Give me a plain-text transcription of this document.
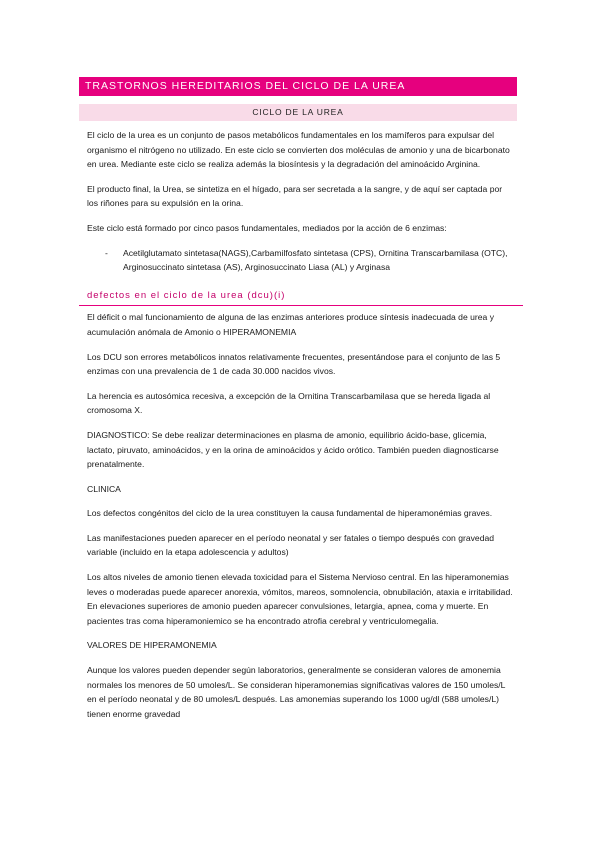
TRASTORNOS HEREDITARIOS DEL CICLO DE LA UREA
CICLO DE LA UREA

El ciclo de la urea es un conjunto de pasos metabólicos fundamentales en los mamíferos para expulsar del organismo el nitrógeno no utilizado. En este ciclo se convierten dos moléculas de amonio y una de bicarbonato en urea. Mediante este ciclo se realiza además la biosíntesis y la degradación del aminoácido Arginina.

El producto final, la Urea, se sintetiza en el hígado, para ser secretada a la sangre, y de aquí ser captada por los riñones para su expulsión en la orina.

Este ciclo está formado por cinco pasos fundamentales, mediados por la acción de 6 enzimas:

-	Acetilglutamato sintetasa(NAGS),Carbamilfosfato sintetasa (CPS), Ornitina Transcarbamilasa (OTC), Arginosuccinato sintetasa (AS), Arginosuccinato Liasa (AL) y Arginasa
defectos en el ciclo de la urea (dcu)(i)

El déficit o mal funcionamiento de alguna de las enzimas anteriores produce síntesis inadecuada de urea y acumulación anómala de Amonio o HIPERAMONEMIA

Los DCU son errores metabólicos innatos relativamente frecuentes, presentándose para el conjunto de las 5 enzimas con una prevalencia de 1 de cada 30.000 nacidos vivos.

La herencia es autosómica recesiva, a excepción de la Ornitina Transcarbamilasa que se hereda ligada al cromosoma X.

DIAGNOSTICO: Se debe realizar determinaciones en plasma de amonio, equilibrio ácido-base, glicemia, lactato, piruvato, aminoácidos, y en la orina de aminoácidos y ácido orótico. También pueden diagnosticarse prenatalmente.

CLINICA

Los defectos congénitos del ciclo de la urea constituyen la causa fundamental de hiperamonémias graves.

Las manifestaciones pueden aparecer en el período neonatal y ser fatales o tiempo después con gravedad variable (incluido en la etapa adolescencia y adultos)

Los altos niveles de amonio tienen elevada toxicidad para el Sistema Nervioso central. En las hiperamonemias leves o moderadas puede aparecer anorexia, vómitos, mareos, somnolencia, obnubilación, ataxia e irritabilidad. En elevaciones superiores de amonio pueden aparecer convulsiones, letargia, apnea, coma y muerte. En pacientes tras coma hiperamoniemico se ha encontrado atrofia cerebral y ventriculomegalia.

VALORES DE HIPERAMONEMIA

Aunque los valores pueden depender según laboratorios, generalmente se consideran valores de amonemia normales los menores de 50 umoles/L. Se consideran hiperamonemias significativas valores de 150 umoles/L en el período neonatal y de 80 umoles/L después. Las amonemias superando los 1000 ug/dl (588 umoles/L) tienen enorme gravedad
